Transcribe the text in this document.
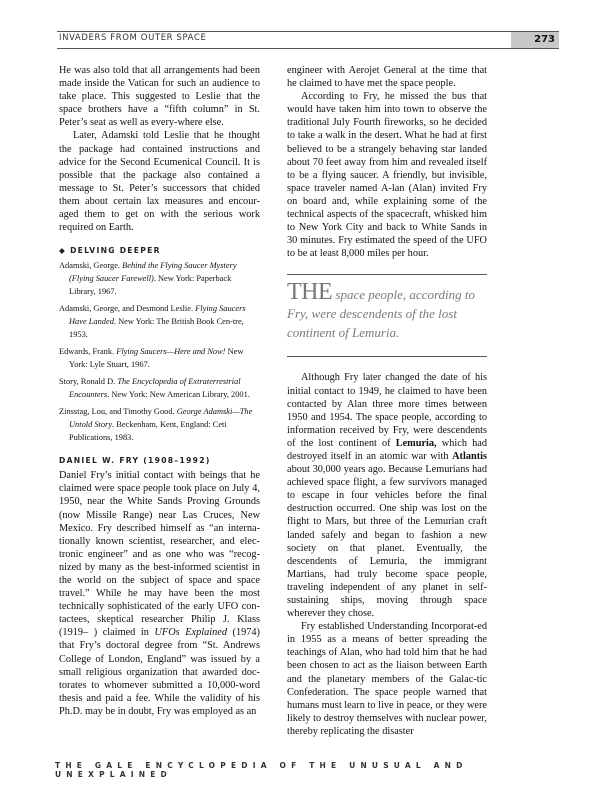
INVADERS FROM OUTER SPACE	273

He was also told that all arrangements had been made inside the Vatican for such an audience to take place. This suggested to Leslie that the space brothers have a “fifth column” in St. Peter’s seat as well as every-where else.

Later, Adamski told Leslie that he thought the package had contained instructions and advice for the Second Ecumenical Council. It is possible that the package also contained a message to St. Peter’s successors that chided them about certain lax measures and encour-aged them to get on with the serious work required on Earth.

◆ DELVING DEEPER

Adamski, George. Behind the Flying Saucer Mystery (Flying Saucer Farewell). New York: Paperback Library, 1967.

Adamski, George, and Desmond Leslie. Flying Saucers Have Landed. New York: The British Book Cen-tre, 1953.

Edwards, Frank. Flying Saucers—Here and Now! New York: Lyle Stuart, 1967.

Story, Ronald D. The Encyclopedia of Extraterrestrial Encounters. New York: New American Library, 2001.

Zinsstag, Lou, and Timothy Good. George Adamski—The Untold Story. Beckenham, Kent, England: Ceti Publications, 1983.

DANIEL W. FRY (1908–1992)

Daniel Fry’s initial contact with beings that he claimed were space people took place on July 4, 1950, near the White Sands Proving Grounds (now Missile Range) near Las Cruces, New Mexico. Fry described himself as “an interna-tionally known scientist, researcher, and elec-tronic engineer” and as one who was “recog-nized by many as the best-informed scientist in the world on the subject of space and space travel.” While he may have been the most technically sophisticated of the early UFO con-tactees, skeptical researcher Philip J. Klass (1919– ) claimed in UFOs Explained (1974) that Fry’s doctoral degree from “St. Andrews College of London, England” was issued by a small religious organization that awarded doc-torates to whomever submitted a 10,000-word thesis and paid a fee. While the validity of his Ph.D. may be in doubt, Fry was employed as an

engineer with Aerojet General at the time that he claimed to have met the space people.

According to Fry, he missed the bus that would have taken him into town to observe the traditional July Fourth fireworks, so he decided to take a walk in the desert. What he had at first believed to be a strangely behaving star landed about 70 feet away from him and revealed itself to be a flying saucer. A friendly, but invisible, space traveler named A-lan (Alan) invited Fry on board and, while explaining some of the technical aspects of the spacecraft, whisked him to New York City and back to White Sands in 30 minutes. Fry estimated the speed of the UFO to be at least 8,000 miles per hour.

THE space people, according to Fry, were descendents of the lost continent of Lemuria.

Although Fry later changed the date of his initial contact to 1949, he claimed to have been contacted by Alan three more times between 1950 and 1954. The space people, according to information received by Fry, were descendents of the lost continent of Lemuria, which had destroyed itself in an atomic war with Atlantis about 30,000 years ago. Because Lemurians had achieved space flight, a few survivors managed to escape in four vehicles before the final destruction occurred. One ship was lost on the flight to Mars, but three of the Lemurian craft landed safely and began to fashion a new society on that planet. Eventually, the descendents of Lemuria, the immigrant Martians, had truly become space people, traveling independent of any planet in self-sustaining ships, moving through space wherever they chose.

Fry established Understanding Incorporat-ed in 1955 as a means of better spreading the teachings of Alan, who had told him that he had been chosen to act as the liaison between Earth and the planetary members of the Galac-tic Confederation. The space people warned that humans must learn to live in peace, or they were likely to destroy themselves with nuclear power, thereby replicating the disaster

THE GALE ENCYCLOPEDIA OF THE UNUSUAL AND UNEXPLAINED
